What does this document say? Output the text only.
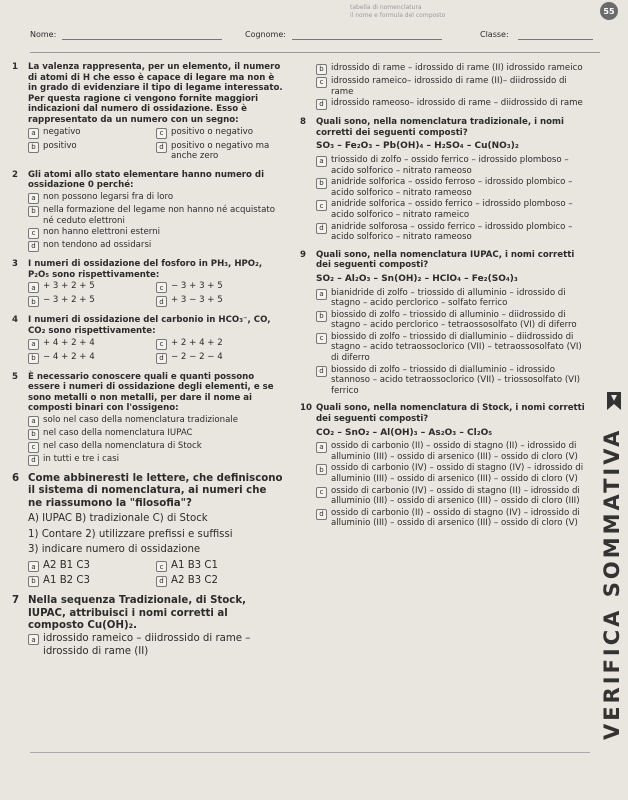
tabella di nomenclatura
il nome e formula del composto	55
Nome:	Cognome:	Classe:
1	La valenza rappresenta, per un elemento, il numero di atomi di H che esso è capace di legare ma non è in grado di evidenziare il tipo di legame interessato. Per questa ragione ci vengono fornite maggiori indicazioni dal numero di ossidazione. Esso è rappresentato da un numero con un segno:
a negativo	c positivo o negativo
b positivo	d positivo o negativo ma anche zero
2	Gli atomi allo stato elementare hanno numero di ossidazione 0 perché:
a non possono legarsi fra di loro
b nella formazione del legame non hanno né acquistato né ceduto elettroni
c non hanno elettroni esterni
d non tendono ad ossidarsi
3	I numeri di ossidazione del fosforo in PH₃, HPO₂, P₂O₅ sono rispettivamente:
a + 3 + 2 + 5	c − 3 + 3 + 5
b − 3 + 2 + 5	d + 3 − 3 + 5
4	I numeri di ossidazione del carbonio in HCO₃⁻, CO, CO₂ sono rispettivamente:
a + 4 + 2 + 4	c + 2 + 4 + 2
b − 4 + 2 + 4	d − 2 − 2 − 4
5	È necessario conoscere quali e quanti possono essere i numeri di ossidazione degli elementi, e se sono metalli o non metalli, per dare il nome ai composti binari con l'ossigeno:
a solo nel caso della nomenclatura tradizionale
b nel caso della nomenclatura IUPAC
c nel caso della nomenclatura di Stock
d in tutti e tre i casi
6 Come abbineresti le lettere, che definiscono il sistema di nomenclatura, ai numeri che ne riassumono la "filosofia"?
A) IUPAC B) tradizionale C) di Stock
1) Contare 2) utilizzare prefissi e suffissi
3) indicare numero di ossidazione
a A2 B1 C3	c A1 B3 C1
b A1 B2 C3	d A2 B3 C2
7 Nella sequenza Tradizionale, di Stock, IUPAC, attribuisci i nomi corretti al composto Cu(OH)₂.
a idrossido rameico – diidrossido di rame – idrossido di rame (II)
b idrossido di rame – idrossido di rame (II) idrossido rameico
c idrossido rameico– idrossido di rame (II)– diidrossido di rame
d idrossido rameoso– idrossido di rame – diidrossido di rame
8	Quali sono, nella nomenclatura tradizionale, i nomi corretti dei seguenti composti?
SO₃ – Fe₂O₃ – Pb(OH)₄ – H₂SO₄ – Cu(NO₃)₂
a triossido di zolfo – ossido ferrico – idrossido plomboso – acido solforico – nitrato rameoso
b anidride solforica – ossido ferroso – idrossido plombico – acido solforico – nitrato rameoso
c anidride solforica – ossido ferrico – idrossido plomboso – acido solforico – nitrato rameico
d anidride solforosa – ossido ferrico – idrossido plombico – acido solforico – nitrato rameoso
9	Quali sono, nella nomenclatura IUPAC, i nomi corretti dei seguenti composti?
SO₂ – Al₂O₃ – Sn(OH)₂ – HClO₄ – Fe₂(SO₄)₃
a bianidride di zolfo – triossido di alluminio – idrossido di stagno – acido perclorico – solfato ferrico
b biossido di zolfo – triossido di alluminio – diidrossido di stagno – acido perclorico – tetraossosolfato (VI) di diferro
c biossido di zolfo – triossido di dialluminio – diidrossido di stagno – acido tetraossoclorico (VII) – tetraossosolfato (VI) di diferro
d biossido di zolfo – triossido di dialluminio – idrossido stannoso – acido tetraossoclorico (VII) – triossosolfato (VI) ferrico
10 Quali sono, nella nomenclatura di Stock, i nomi corretti dei seguenti composti?
CO₂ – SnO₂ – Al(OH)₃ – As₂O₃ – Cl₂O₅
a ossido di carbonio (II) – ossido di stagno (II) – idrossido di alluminio (III) – ossido di arsenico (III) – ossido di cloro (V)
b ossido di carbonio (IV) – ossido di stagno (IV) – idrossido di alluminio (III) – ossido di arsenico (III) – ossido di cloro (V)
c ossido di carbonio (IV) – ossido di stagno (II) – idrossido di alluminio (III) – ossido di arsenico (III) – ossido di cloro (III)
d ossido di carbonio (II) – ossido di stagno (IV) – idrossido di alluminio (III) – ossido di arsenico (III) – ossido di cloro (V)	VERIFICA SOMMATIVA
